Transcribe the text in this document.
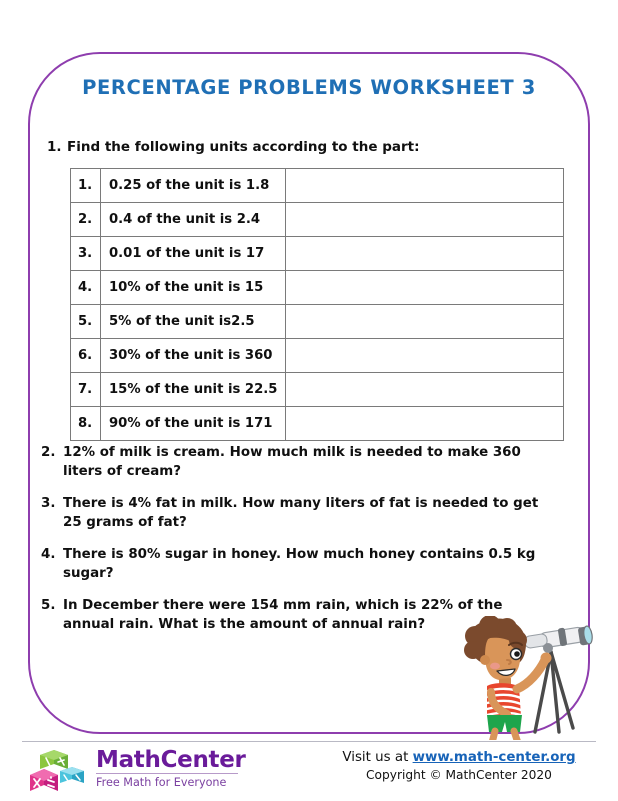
PERCENTAGE PROBLEMS WORKSHEET 3
1. Find the following units according to the part:
1.	0.25 of the unit is 1.8	
2.	0.4 of the unit is 2.4	
3.	0.01 of the unit is 17	
4.	10% of the unit is 15	
5.	5% of the unit is2.5	
6.	30% of the unit is 360	
7.	15% of the unit is 22.5	
8.	90% of the unit is 171	
2. 12% of milk is cream. How much milk is needed to make 360 liters of cream?
3. There is 4% fat in milk. How many liters of fat is needed to get 25 grams of fat?
4. There is 80% sugar in honey. How much honey contains 0.5 kg sugar?
5. In December there were 154 mm rain, which is 22% of the annual rain. What is the amount of annual rain?
MathCenter
Free Math for Everyone
Visit us at www.math-center.org
Copyright © MathCenter 2020
